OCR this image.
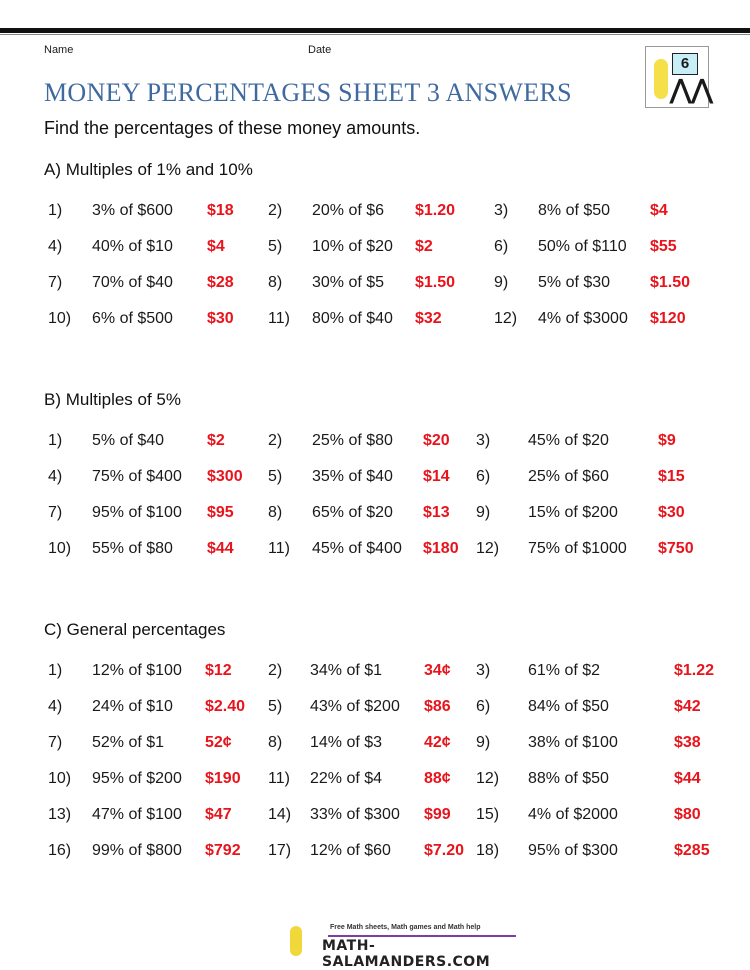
Name	Date
MONEY PERCENTAGES SHEET 3 ANSWERS
Find the percentages of these money amounts.
6
⋀⋀
A) Multiples of 1% and 10%
1) 3% of $600 $18 2) 20% of $6 $1.20 3) 8% of $50 $4
4) 40% of $10 $4	5) 10% of $20 $2	6) 50% of $110 $55
7) 70% of $40 $28 8) 30% of $5 $1.50 9) 5% of $30 $1.50
10) 6% of $500 $30 11) 80% of $40 $32	12) 4% of $3000 $120
B) Multiples of 5%
1) 5% of $40	$2	2) 25% of $80 $20 3) 45% of $20	$9
4) 75% of $400 $300 5) 35% of $40 $14 6) 25% of $60	$15
7) 95% of $100 $95 8) 65% of $20 $13 9) 15% of $200	$30
10) 55% of $80 $44 11) 45% of $400 $180 12) 75% of $1000 $750
C) General percentages
1) 12% of $100 $12 2) 34% of $1	34¢ 3) 61% of $2	$1.22
4) 24% of $10 $2.40 5) 43% of $200 $86 6) 84% of $50	$42
7) 52% of $1	52¢ 8) 14% of $3	42¢ 9) 38% of $100	$38
10) 95% of $200 $190 11) 22% of $4	88¢ 12) 88% of $50	$44
13) 47% of $100 $47 14) 33% of $300 $99 15) 4% of $2000	$80
16) 99% of $800 $792 17) 12% of $60 $7.20 18) 95% of $300	$285
Free Math sheets, Math games and Math help
MATH-SALAMANDERS.COM
